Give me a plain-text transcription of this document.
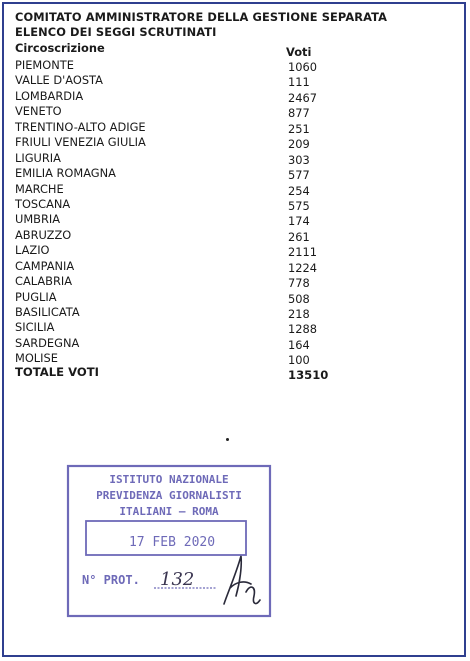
COMITATO AMMINISTRATORE DELLA GESTIONE SEPARATA
ELENCO DEI SEGGI SCRUTINATI
Circoscrizione	Voti
PIEMONTE	1060
VALLE D'AOSTA	111
LOMBARDIA	2467
VENETO	877
TRENTINO-ALTO ADIGE	251
FRIULI VENEZIA GIULIA	209
LIGURIA	303
EMILIA ROMAGNA	577
MARCHE	254
TOSCANA	575
UMBRIA	174
ABRUZZO	261
LAZIO	2111
CAMPANIA	1224
CALABRIA	778
PUGLIA	508
BASILICATA	218
SICILIA	1288
SARDEGNA	164
MOLISE	100
TOTALE VOTI	13510
ISTITUTO NAZIONALE
PREVIDENZA GIORNALISTI
ITALIANI – ROMA
17 FEB 2020
N° PROT. 132
